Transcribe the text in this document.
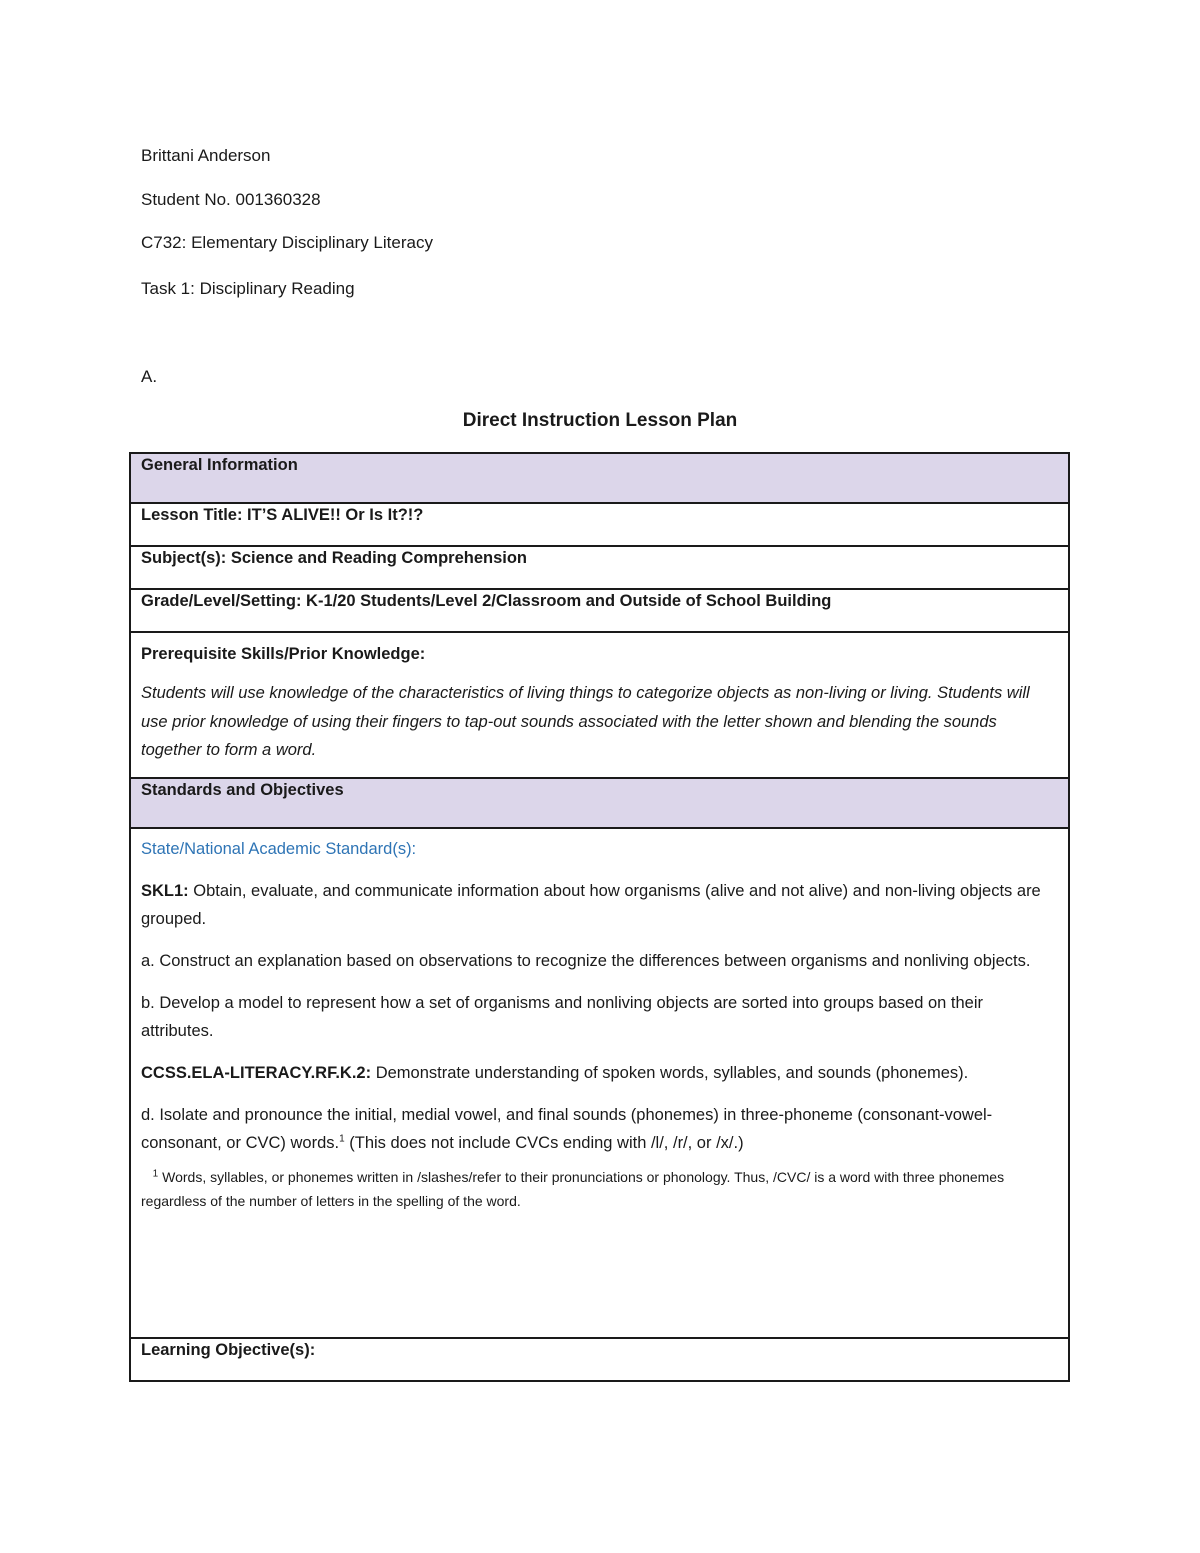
Brittani Anderson
Student No. 001360328
C732: Elementary Disciplinary Literacy
Task 1: Disciplinary Reading
A.
Direct Instruction Lesson Plan
General Information
Lesson Title: IT’S ALIVE!! Or Is It?!?
Subject(s): Science and Reading Comprehension
Grade/Level/Setting: K-1/20 Students/Level 2/Classroom and Outside of School Building

Prerequisite Skills/Prior Knowledge:
Students will use knowledge of the characteristics of living things to categorize objects as non-living or living. Students will use prior knowledge of using their fingers to tap-out sounds associated with the letter shown and blending the sounds together to form a word.

Standards and Objectives

State/National Academic Standard(s):

SKL1: Obtain, evaluate, and communicate information about how organisms (alive and not alive) and non-living objects are grouped.

a. Construct an explanation based on observations to recognize the differences between organisms and nonliving objects.

b. Develop a model to represent how a set of organisms and nonliving objects are sorted into groups based on their attributes.

CCSS.ELA-LITERACY.RF.K.2: Demonstrate understanding of spoken words, syllables, and sounds (phonemes).

d. Isolate and pronounce the initial, medial vowel, and final sounds (phonemes) in three-phoneme (consonant-vowel-consonant, or CVC) words.$^1$ (This does not include CVCs ending with /l/, /r/, or /x/.)

$^1$ Words, syllables, or phonemes written in /slashes/refer to their pronunciations or phonology. Thus, /CVC/ is a word with three phonemes regardless of the number of letters in the spelling of the word.

Learning Objective(s):
